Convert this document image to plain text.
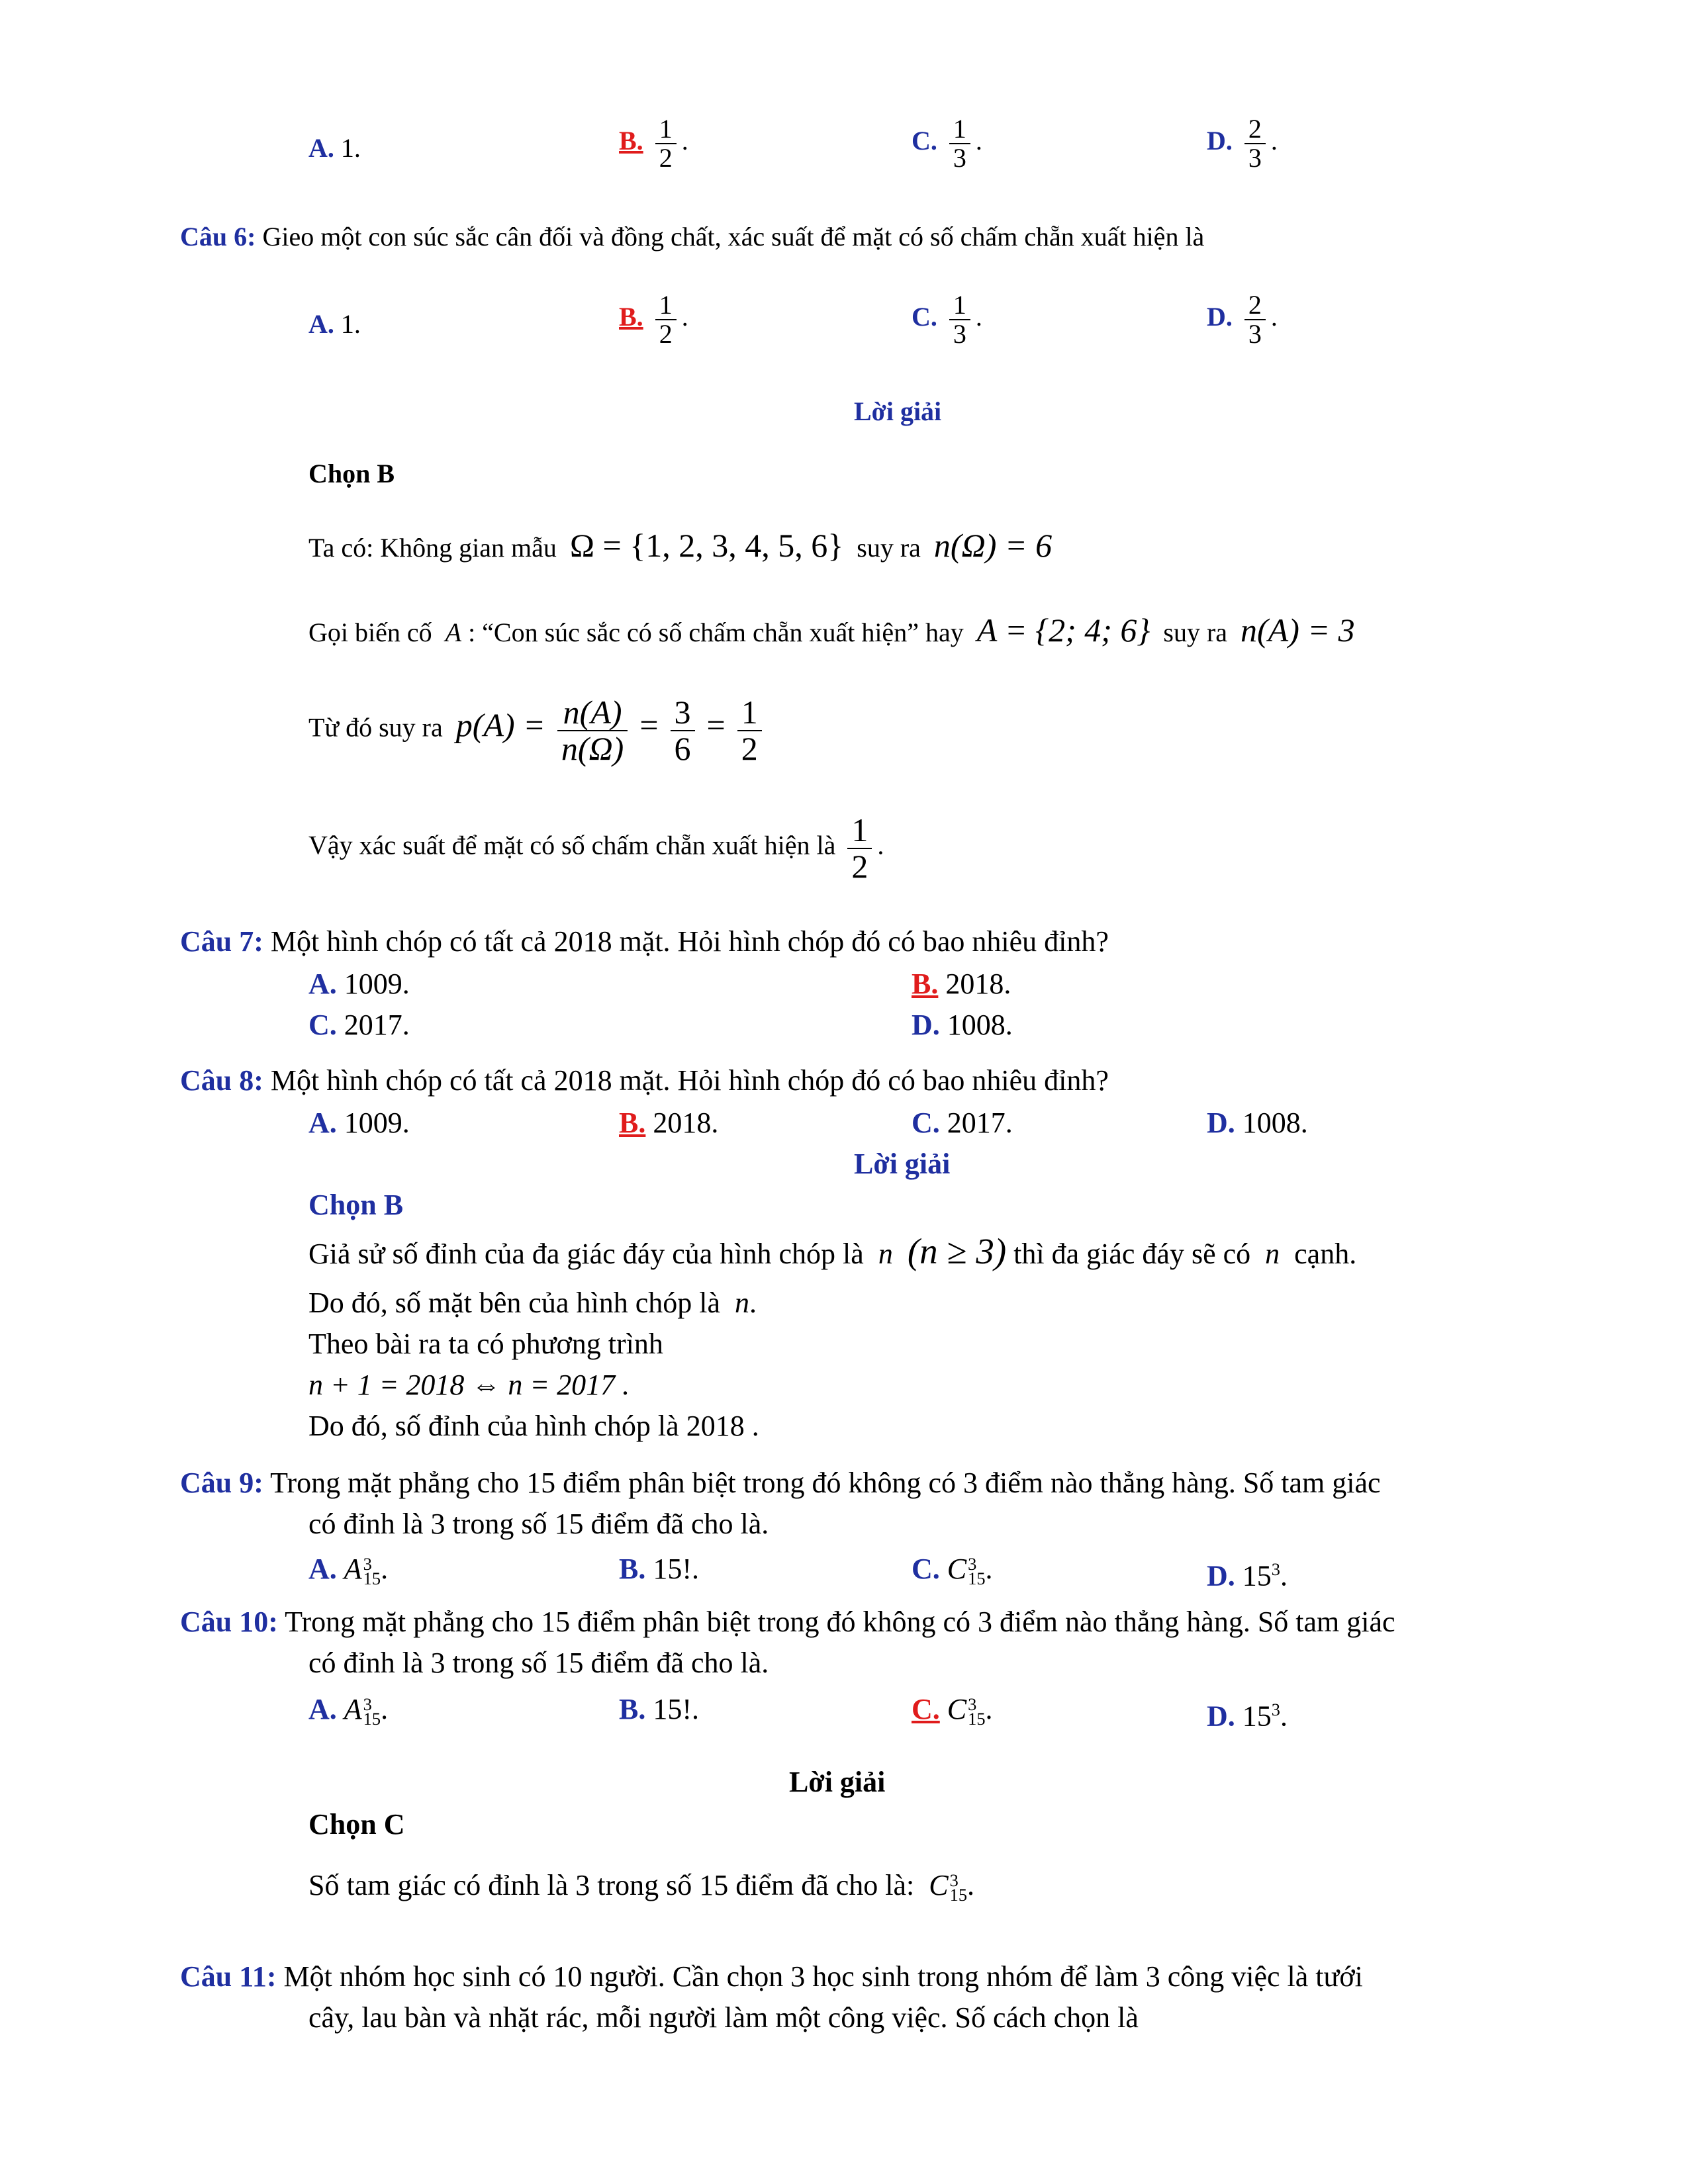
A. 1.	B. $\frac{1}{2}$ .	C. $\frac{1}{3}$ .	D. $\frac{2}{3}$ .
Câu 6: Gieo một con súc sắc cân đối và đồng chất, xác suất để mặt có số chấm chẵn xuất hiện là
A. 1.	B. $\frac{1}{2}$ .	C. $\frac{1}{3}$ .	D. $\frac{2}{3}$ .
Lời giải
Chọn B
Ta có: Không gian mẫu Ω = {1, 2, 3, 4, 5, 6} suy ra n(Ω) = 6
Gọi biến cố A : “Con súc sắc có số chấm chẵn xuất hiện” hay A = {2; 4; 6} suy ra n(A) = 3
Từ đó suy ra $p(A) = \frac{n(A)}{n(\Omega)} = \frac{3}{6} = \frac{1}{2}$
Vậy xác suất để mặt có số chấm chẵn xuất hiện là $\frac{1}{2}$ .
Câu 7: Một hình chóp có tất cả 2018 mặt. Hỏi hình chóp đó có bao nhiêu đỉnh?
A. 1009.	B. 2018.
C. 2017.	D. 1008.
Câu 8: Một hình chóp có tất cả 2018 mặt. Hỏi hình chóp đó có bao nhiêu đỉnh?
A. 1009.	B. 2018.	C. 2017.	D. 1008.
Lời giải
Chọn B
Giả sử số đỉnh của đa giác đáy của hình chóp là n (n ≥ 3) thì đa giác đáy sẽ có n cạnh.
Do đó, số mặt bên của hình chóp là n.
Theo bài ra ta có phương trình
n + 1 = 2018 ⇔ n = 2017 .
Do đó, số đỉnh của hình chóp là 2018 .
Câu 9: Trong mặt phẳng cho 15 điểm phân biệt trong đó không có 3 điểm nào thẳng hàng. Số tam giác
có đỉnh là 3 trong số 15 điểm đã cho là.
A. A 3
15 .	B. 15!.	C. C 3
15 .	D. $15^3$.
Câu 10: Trong mặt phẳng cho 15 điểm phân biệt trong đó không có 3 điểm nào thẳng hàng. Số tam giác
có đỉnh là 3 trong số 15 điểm đã cho là.
A. A 3
15 .	B. 15!.	C. C 3
15 .	D. $15^3$.
Lời giải
Chọn C
Số tam giác có đỉnh là 3 trong số 15 điểm đã cho là: C 3
15 .
Câu 11: Một nhóm học sinh có 10 người. Cần chọn 3 học sinh trong nhóm để làm 3 công việc là tưới
cây, lau bàn và nhặt rác, mỗi người làm một công việc. Số cách chọn là
